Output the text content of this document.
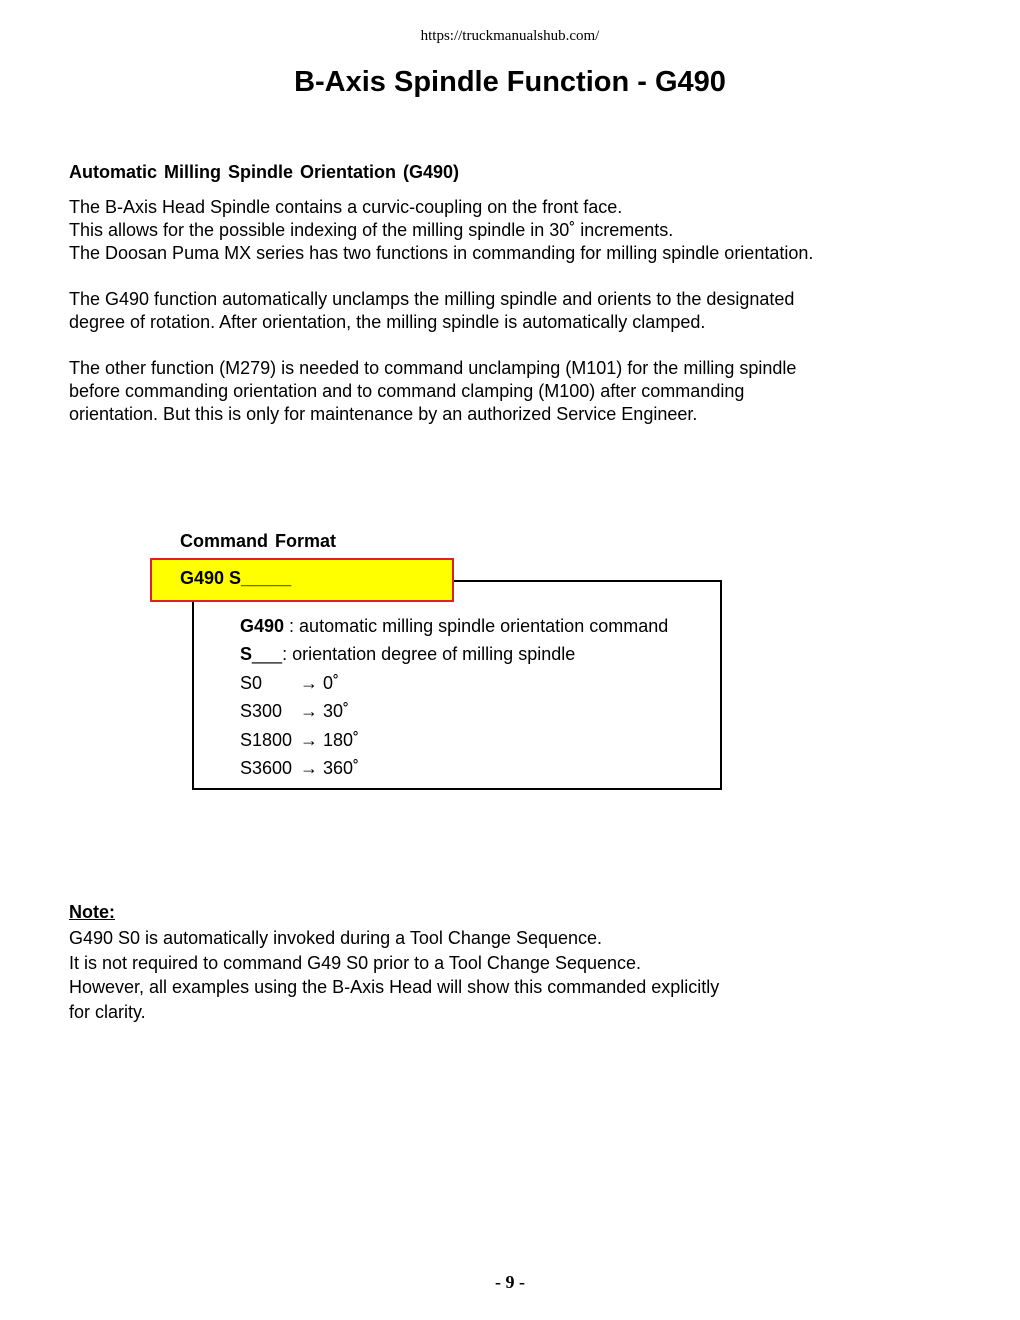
https://truckmanualshub.com/
B-Axis Spindle Function - G490
Automatic Milling Spindle Orientation (G490)
The B-Axis Head Spindle contains a curvic-coupling on the front face.
This allows for the possible indexing of the milling spindle in 30˚ increments.
The Doosan Puma MX series has two functions in commanding for milling spindle orientation.
The G490 function automatically unclamps the milling spindle and orients to the designated
degree of rotation. After orientation, the milling spindle is automatically clamped.
The other function (M279) is needed to command unclamping (M101) for the milling spindle
before commanding orientation and to command clamping (M100) after commanding
orientation. But this is only for maintenance by an authorized Service Engineer.
Command Format
G490 S_____
G490 : automatic milling spindle orientation command
S___: orientation degree of milling spindle
S0 → 0˚
S300 → 30˚
S1800 → 180˚
S3600 → 360˚
Note:
G490 S0 is automatically invoked during a Tool Change Sequence.
It is not required to command G49 S0 prior to a Tool Change Sequence.
However, all examples using the B-Axis Head will show this commanded explicitly
for clarity.
- 9 -
